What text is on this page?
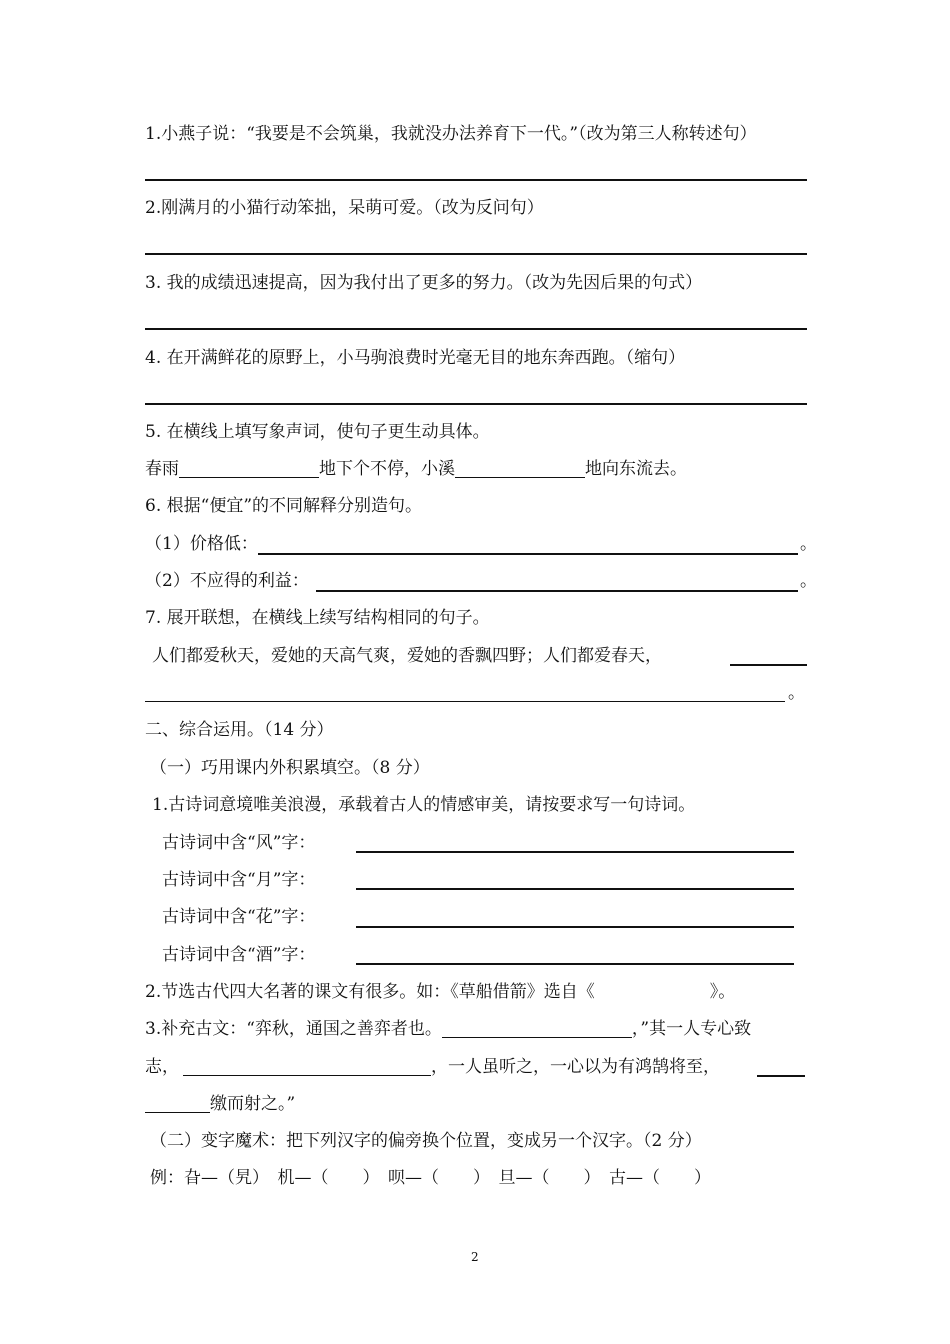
1.小燕子说：“我要是不会筑巢，我就没办法养育下一代。”（改为第三人称转述句）
2.刚满月的小猫行动笨拙，呆萌可爱。（改为反问句）
3. 我的成绩迅速提高，因为我付出了更多的努力。（改为先因后果的句式）
4. 在开满鲜花的原野上，小马驹浪费时光毫无目的地东奔西跑。（缩句）
5. 在横线上填写象声词，使句子更生动具体。
春雨	地下个不停，小溪	地向东流去。
6. 根据“便宜”的不同解释分别造句。
（1）价格低：	。
（2）不应得的利益：	。
7. 展开联想，在横线上续写结构相同的句子。
人们都爱秋天，爱她的天高气爽，爱她的香飘四野；人们都爱春天，
。
二、综合运用。（14 分）
（一）巧用课内外积累填空。（8 分）
1.古诗词意境唯美浪漫，承载着古人的情感审美，请按要求写一句诗词。
古诗词中含“风”字：
古诗词中含“月”字：
古诗词中含“花”字：
古诗词中含“酒”字：
2.节选古代四大名著的课文有很多。如：《草船借箭》选自《	》。
3.补充古文：“弈秋，通国之善弈者也。	，”其一人专心致
志，	，一人虽听之，一心以为有鸿鹄将至，
缴而射之。”
（二）变字魔术：把下列汉字的偏旁换个位置，变成另一个汉字。（2 分）
例：旮—（旯）　机—（　　）　呗—（　　）　旦—（　　）　古—（　　）
2
